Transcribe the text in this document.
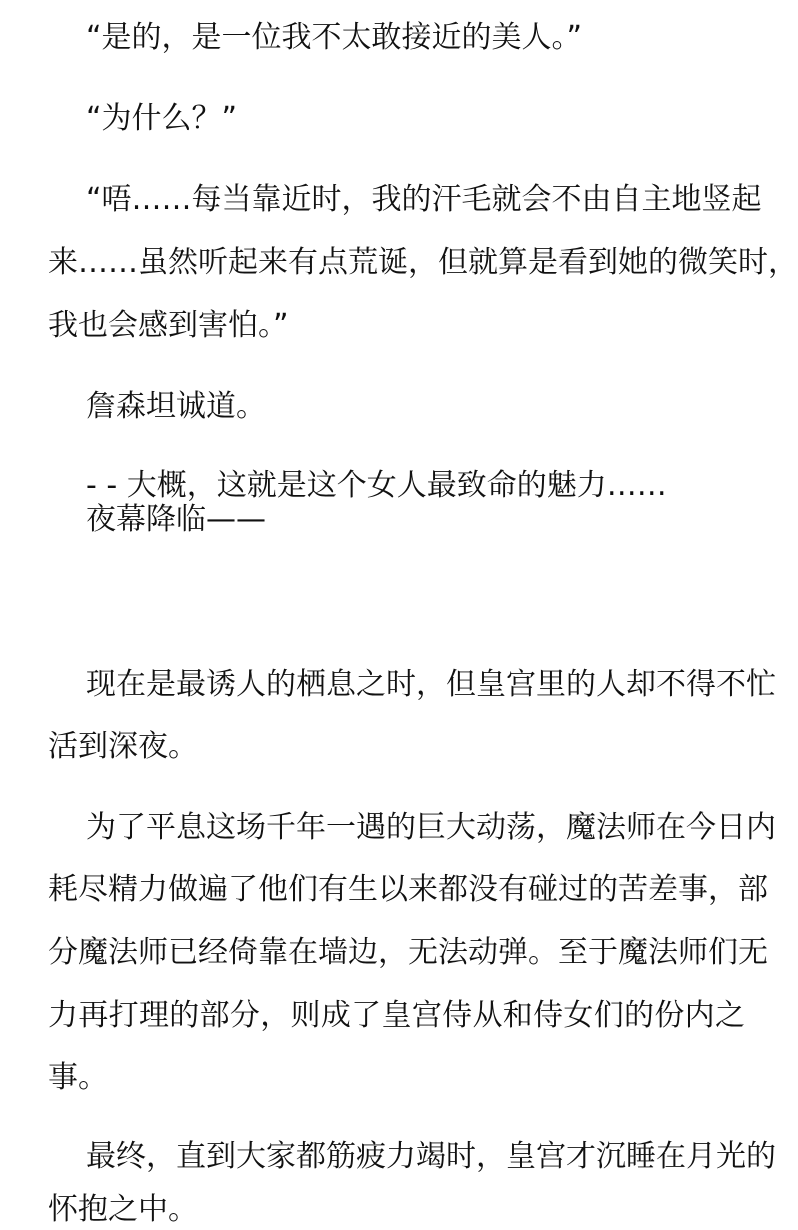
“是的，是一位我不太敢接近的美人。”
“为什么？”
“唔……每当靠近时，我的汗毛就会不由自主地竖起
来……虽然听起来有点荒诞，但就算是看到她的微笑时，
我也会感到害怕。”
詹森坦诚道。
- - 大概，这就是这个女人最致命的魅力……
夜幕降临——
现在是最诱人的栖息之时，但皇宫里的人却不得不忙
活到深夜。
为了平息这场千年一遇的巨大动荡，魔法师在今日内
耗尽精力做遍了他们有生以来都没有碰过的苦差事，部
分魔法师已经倚靠在墙边，无法动弹。至于魔法师们无
力再打理的部分，则成了皇宫侍从和侍女们的份内之
事。
最终，直到大家都筋疲力竭时，皇宫才沉睡在月光的
怀抱之中。
